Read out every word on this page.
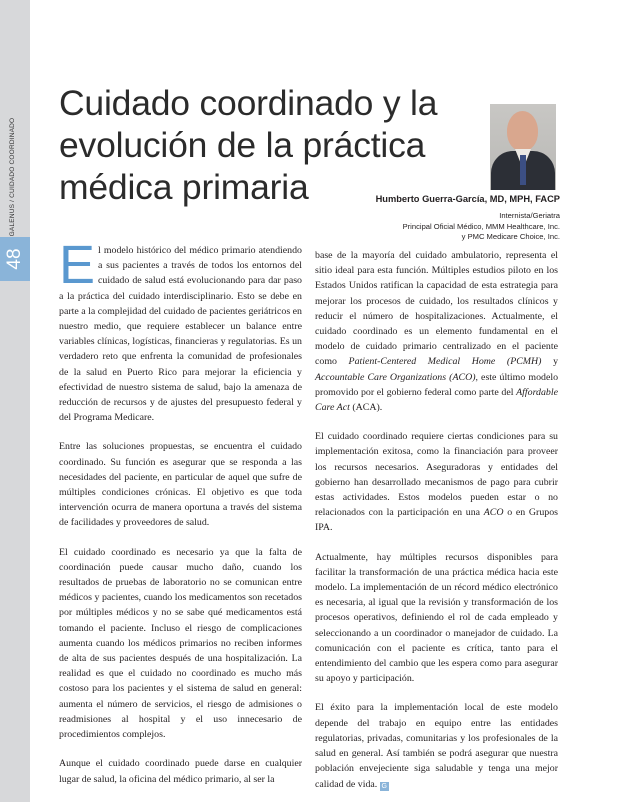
48
GALENUS / CUIDADO COORDINADO
Cuidado coordinado y la
evolución de la práctica
médica primaria	Humberto Guerra-García, MD, MPH, FACP
Internista/Geriatra
Principal Oficial Médico, MMM Healthcare, Inc.
y PMC Medicare Choice, Inc.

El modelo histórico del médico primario atendiendo a sus pacientes a través de todos los entornos del cuidado de salud está evolucionando para dar paso a la práctica del cuidado interdisciplinario. Esto se debe en parte a la complejidad del cuidado de pacientes geriátricos en nuestro medio, que requiere establecer un balance entre variables clínicas, logísticas, financieras y regulatorias. Es un verdadero reto que enfrenta la comunidad de profesionales de la salud en Puerto Rico para mejorar la eficiencia y efectividad de nuestro sistema de salud, bajo la amenaza de reducción de recursos y de ajustes del presupuesto federal y del Programa Medicare.

Entre las soluciones propuestas, se encuentra el cuidado coordinado. Su función es asegurar que se responda a las necesidades del paciente, en particular de aquel que sufre de múltiples condiciones crónicas. El objetivo es que toda intervención ocurra de manera oportuna a través del sistema de facilidades y proveedores de salud.

El cuidado coordinado es necesario ya que la falta de coordinación puede causar mucho daño, cuando los resultados de pruebas de laboratorio no se comunican entre médicos y pacientes, cuando los medicamentos son recetados por múltiples médicos y no se sabe qué medicamentos está tomando el paciente. Incluso el riesgo de complicaciones aumenta cuando los médicos primarios no reciben informes de alta de sus pacientes después de una hospitalización. La realidad es que el cuidado no coordinado es mucho más costoso para los pacientes y el sistema de salud en general: aumenta el número de servicios, el riesgo de admisiones o readmisiones al hospital y el uso innecesario de procedimientos complejos.

Aunque el cuidado coordinado puede darse en cualquier lugar de salud, la oficina del médico primario, al ser la

base de la mayoría del cuidado ambulatorio, representa el sitio ideal para esta función. Múltiples estudios piloto en los Estados Unidos ratifican la capacidad de esta estrategia para mejorar los procesos de cuidado, los resultados clínicos y reducir el número de hospitalizaciones. Actualmente, el cuidado coordinado es un elemento fundamental en el modelo de cuidado primario centralizado en el paciente como Patient-Centered Medical Home (PCMH) y Accountable Care Organizations (ACO), este último modelo promovido por el gobierno federal como parte del Affordable Care Act (ACA).

El cuidado coordinado requiere ciertas condiciones para su implementación exitosa, como la financiación para proveer los recursos necesarios. Aseguradoras y entidades del gobierno han desarrollado mecanismos de pago para cubrir estas actividades. Estos modelos pueden estar o no relacionados con la participación en una ACO o en Grupos IPA.

Actualmente, hay múltiples recursos disponibles para facilitar la transformación de una práctica médica hacia este modelo. La implementación de un récord médico electrónico es necesaria, al igual que la revisión y transformación de los procesos operativos, definiendo el rol de cada empleado y seleccionando a un coordinador o manejador de cuidado. La comunicación con el paciente es crítica, tanto para el entendimiento del cambio que les espera como para asegurar su apoyo y participación.

El éxito para la implementación local de este modelo depende del trabajo en equipo entre las entidades regulatorias, privadas, comunitarias y los profesionales de la salud en general. Así también se podrá asegurar que nuestra población envejeciente siga saludable y tenga una mejor calidad de vida. G
